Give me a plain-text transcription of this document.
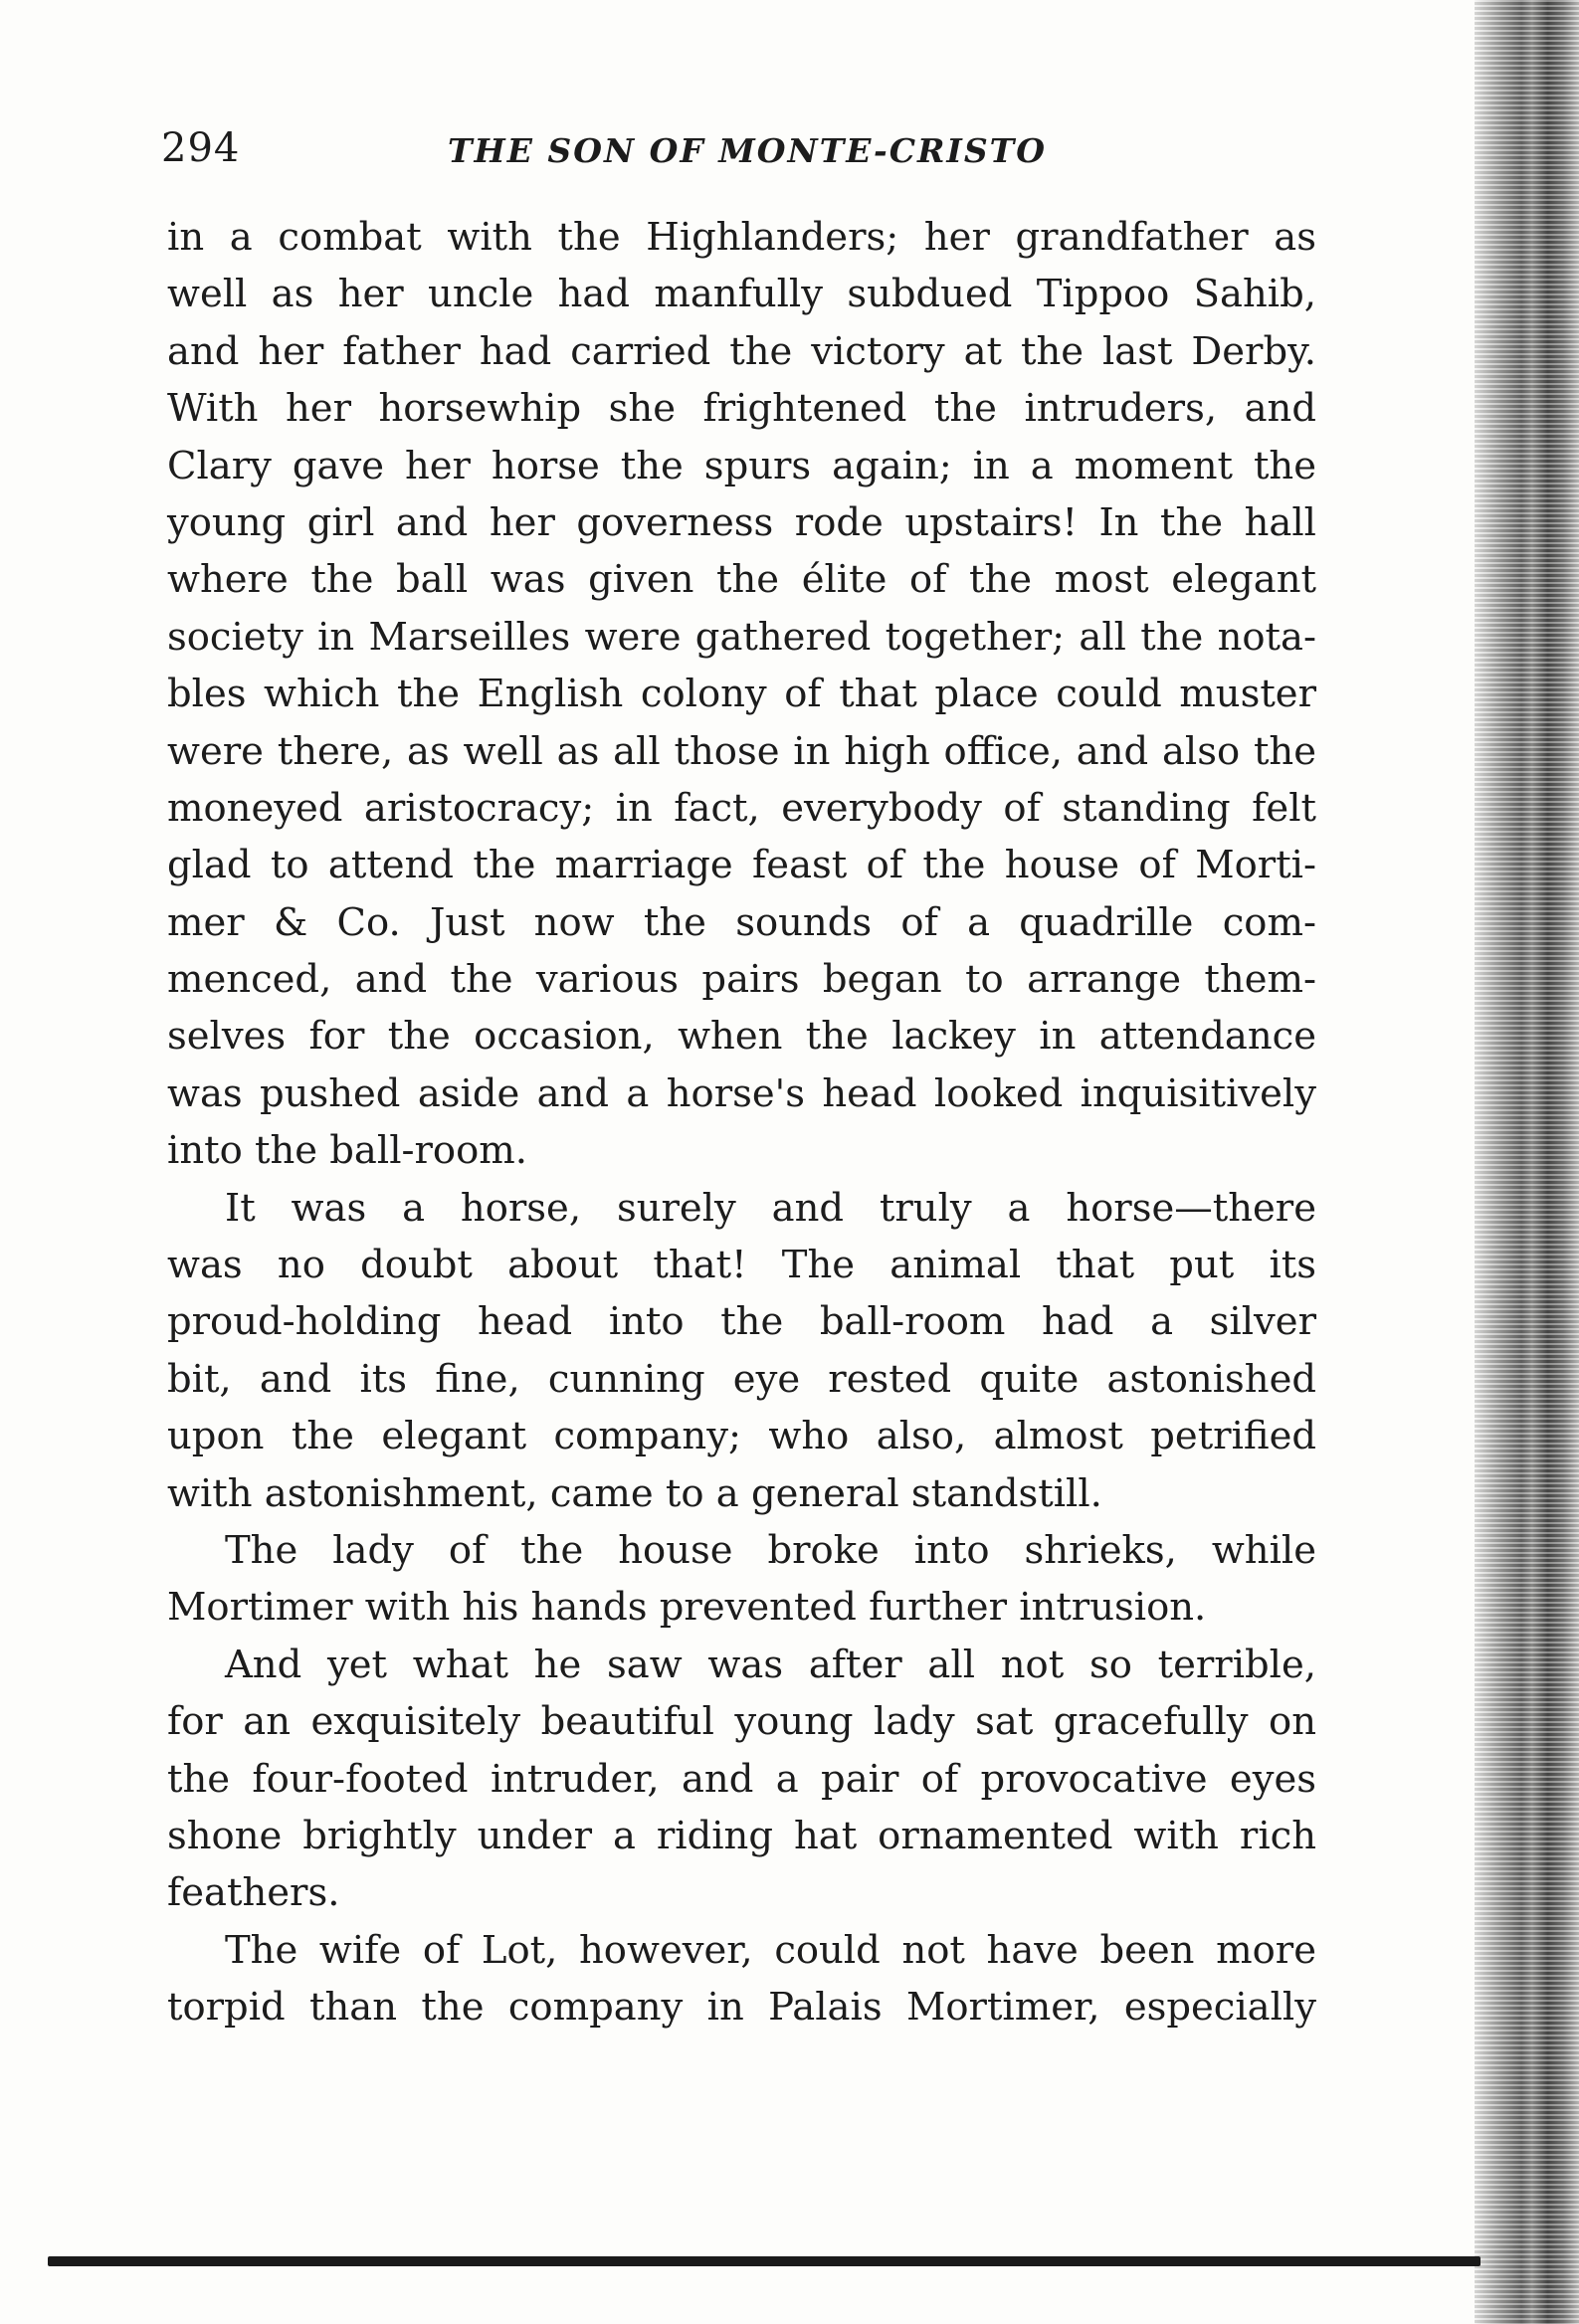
294	THE SON OF MONTE-CRISTO
in a combat with the Highlanders; her grandfather as
well as her uncle had manfully subdued Tippoo Sahib,
and her father had carried the victory at the last Derby.
With her horsewhip she frightened the intruders, and
Clary gave her horse the spurs again; in a moment the
young girl and her governess rode upstairs! In the hall
where the ball was given the élite of the most elegant
society in Marseilles were gathered together; all the nota-
bles which the English colony of that place could muster
were there, as well as all those in high office, and also the
moneyed aristocracy; in fact, everybody of standing felt
glad to attend the marriage feast of the house of Morti-
mer & Co. Just now the sounds of a quadrille com-
menced, and the various pairs began to arrange them-
selves for the occasion, when the lackey in attendance
was pushed aside and a horse's head looked inquisitively
into the ball-room.
It was a horse, surely and truly a horse—there
was no doubt about that! The animal that put its
proud-holding head into the ball-room had a silver
bit, and its fine, cunning eye rested quite astonished
upon the elegant company; who also, almost petrified
with astonishment, came to a general standstill.
The lady of the house broke into shrieks, while
Mortimer with his hands prevented further intrusion.
And yet what he saw was after all not so terrible,
for an exquisitely beautiful young lady sat gracefully on
the four-footed intruder, and a pair of provocative eyes
shone brightly under a riding hat ornamented with rich
feathers.
The wife of Lot, however, could not have been more
torpid than the company in Palais Mortimer, especially
